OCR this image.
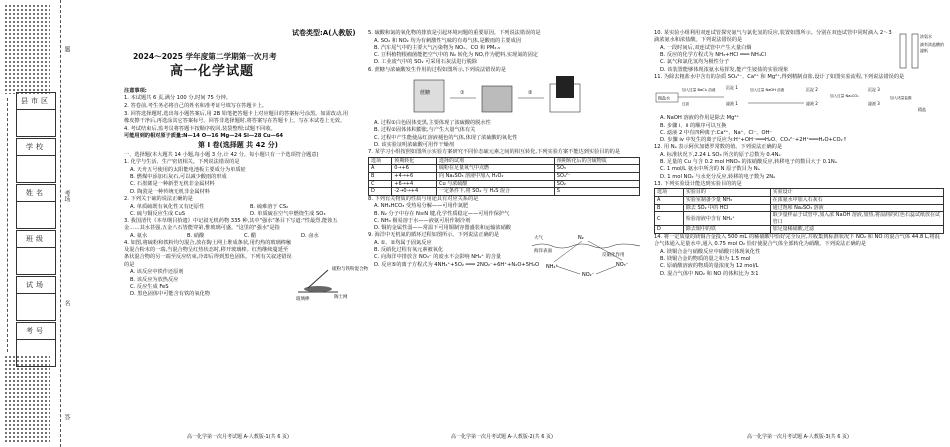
题
考场
名
答
县市区
学校
姓名
班级
试场
考号
试卷类型:A(人教版)
2024～2025 学年度第二学期第一次月考
高一化学试题
注意事项:
1. 本试题共 6 页,满分 100 分,时间 75 分钟。
2. 答卷前,考生务必将自己的姓名和准考证号填写在答题卡上。
3. 回答选择题时,选出每小题答案后,用 2B 铅笔把答题卡上对应题目的答案标号涂黑。如需改动,用橡皮擦干净后,再选涂其它答案标号。回答非选择题时,将答案写在答题卡上。写在本试卷上无效。
4. 考试结束后,监考员将答题卡按顺序收回,装袋整理;试题不回收。
可能用到的相对原子质量:N—14 O—16 Mg—24 Si—28 Cu—64
第 Ⅰ 卷(选择题 共 42 分)
一、选择题(本大题共 14 小题,每小题 3 分,计 42 分。每小题只有一个选项符合题意)
1. 化学与生活、生产密切相关。下列说法错误的是
A. 天舟五号使用的太阳能电池板主要成分为单质硅
B. 燃煤中添加石灰石,可以减少酸雨的形成
C. 石墨烯是一种新型无机非金属材料
D. 陶瓷是一种传统无机非金属材料
2. 下列关于硫的说法正确的是
A. 单质硫既有氧化性又有还原性	B. 硫难溶于 CS₂
C. 硫与铜反应生成 CuS	D. 单质硫在空气中燃烧生成 SO₃
3. 我国清代《本草纲目拾遗》中记叙无机药物 335 种,其中"强水"条目下写道:"性最烈,能蚀五金……其水甚强,五金八石皆能穿第,惟玻璃可盛。"这里的"强水"是指
A. 氨水	B. 硝酸	C. 醋	D. 卤水
4. 如图,将硫粉和铁粉均匀混合,放在陶土网上堆成条状,用灼热的玻璃棒触及混合粉末的一端,当混合物呈红热状态时,移开玻璃棒。红热继续蔓延至条状混合物的另一端至反应结束,冷却后得到黑色固体。下列有关叙述错误的是
A. 该反应中铁作还原剂
B. 该反应为放热反应
C. 反应生成 FeS
D. 黑色固体中可能含有铁的氧化物
硫粉与铁粉混合物
陶土网
玻璃棒
高一化学第一次月考试题 A-人教版-1(共 6 页)
5. 硫酸和氮的氧化物的排放是引起环境问题的重要原因。下列说法错误的是
A. SO₂ 和 NO₂ 均为有刺激性气味的有毒气体,是酸雨的主要成因
B. 汽车尾气中的主要大气污染物为 NOₓ、CO 和 PM₂.₅
C. 豆科植物根瘤菌能把空气中的 N₂ 转化为 NO,作为肥料,实现氮的固定
D. 工业废气中的 SO₂ 可采用石灰法进行脱除
6. 蔗糖与浓硫酸发生作用的过程如图所示,下列说法错误的是
蔗糖	①	②
A. 过程①白色固体变黑,主要体现了浓硫酸的脱水性
B. 过程②固体体积膨胀,与产生大量气体有关
C. 过程中产生能使品红溶液褪色的气体,体现了浓硫酸的氧化性
D. 该实验证明浓硫酸可用作干燥剂
7. 某学习小组按照如图所示实验方案研究不同价态硫元素之间的相互转化,下列实验方案不能达到实验目的的是
选项	预期转化	选择的试剂	预期转化后的含硫物质
A	0→+6	硫粉在足量氧气中点燃	SO₃
B	+4→+6	向 Na₂SO₃ 溶液中加入 H₂O₂	SO₄²⁻
C	+6→+4	Cu 与浓硫酸	SO₂
D	-2→0→+4	一定条件下,将 SO₂ 与 H₂S 混合	S
8. 下列有关物质的性质与用途具有对应关系的是
A. NH₄HCO₃ 受热易分解——可用作氮肥
B. N₂ 分子中存在 N≡N 键,化学性质稳定——可用作保护气
C. NH₃ 极易溶于水——液氨可用作制冷剂
D. 铜的金属性弱——常温下可用铜制容器盛装和运输浓硝酸
9. 海洋中无机氮的循环过程如图所示。下列说法正确的是
A. ①、②均属于固氮反应
B. 反硝化过程有氧元素被氧化
C. 向海洋中排放含 NO₃⁻ 的废水不会影响 NH₄⁺ 的含量
D. 反应⑤的离子方程式为 4NH₄⁺+5O₂ ═══ 2NO₂⁻+6H⁺+N₂O+5H₂O
大气
海洋表面
N₂
NH₄⁺
NO₂⁻
NO₃⁻
反硝化作用
高一化学第一次月考试题 A-人教版-2(共 6 页)
10. 某实验小组利用双连试管探究氨气与氯化氢的反应,装置如图所示。分别在双连试管中同时滴入 2～3 滴浓氨水和浓盐酸。下列说法错误的是
A. 一段时间后,双连试管中产生大量白烟
B. 反应的化学方程式为 NH₃+HCl ═══ NH₄Cl
C. 氯气和氯化氢均为极性分子
D. 该装置能够体现浓氨水易挥发,能产生铵盐的实验现象
浓氨水
滴有浓盐酸的
滤纸
11. 为除去粗盐水中含有的杂质 SO₄²⁻、Ca²⁺ 和 Mg²⁺,得到精制食盐,设计了如图实验流程,下列说法错误的是
粗盐水
加入过量 BaCl₂ 溶液
过滤
沉淀 1
滤液 1
加入过量 NaOH 溶液	沉淀 2
滤液 2
加入过量 Na₂CO₃
沉淀 3
滤液 3
加入适量盐酸
精盐
A. NaOH 溶液的作用是除去 Mg²⁺
B. 步骤 i、ii 的顺序可以互换
C. 滤液 2 中有四种离子:Ca²⁺、Na⁺、Cl⁻、OH⁻
D. 步骤 iv 中发生的离子反应为:H⁺+OH⁻═══H₂O、CO₃²⁻+2H⁺═══H₂O+CO₂↑
12. 用 Nₐ 表示阿伏加德罗常数的值。下列说法正确的是
A. 标准状况下,2.24 L SO₃ 所含的原子总数为 0.4Nₐ
B. 足量的 Cu 与含 0.2 mol HNO₃ 的浓硝酸反应,转移电子的数目大于 0.1Nₐ
C. 1 mol/L 氨水中所含的 N 原子数目为 Nₐ
D. 1 mol NO₂ 与水充分反应,转移的电子数为 2Nₐ
13. 下列实验设计能达到实验目的的是
选项	实验目的	实验设计
A	实验室制备少量 NH₃	在浓氨水中加入石灰石
B	除去 SO₂ 中的 HCl	通过饱和 Na₂SO₃ 溶液
C	检验溶液中含有 NH₄⁺	取少量样品于试管中,加入浓 NaOH 溶液,加热,将湿润的红色石蕊试纸放在试管口
D	除去铜中的铁	加足量稀硝酸,过滤
14. 将一定质量的镁铜合金投入 500 mL 的稀硝酸中恰好完全反应,共收集到标准状况下 NO₂ 和 NO 的混合气体 44.8 L,将混合气体通入足量水中,通入 0.75 mol O₂ 恰好使混合气体全部转化为硝酸。下列说法正确的是
A. 镁铜合金与硝酸反应中硝酸只体现氧化性
B. 镁铜合金的物质的量之和为 1.5 mol
C. 原硝酸溶液的物质的量浓度为 12 mol/L
D. 混合气体中 NO₂ 和 NO 的体积比为 3∶1
高一化学第一次月考试题 A-人教版-3(共 6 页)
